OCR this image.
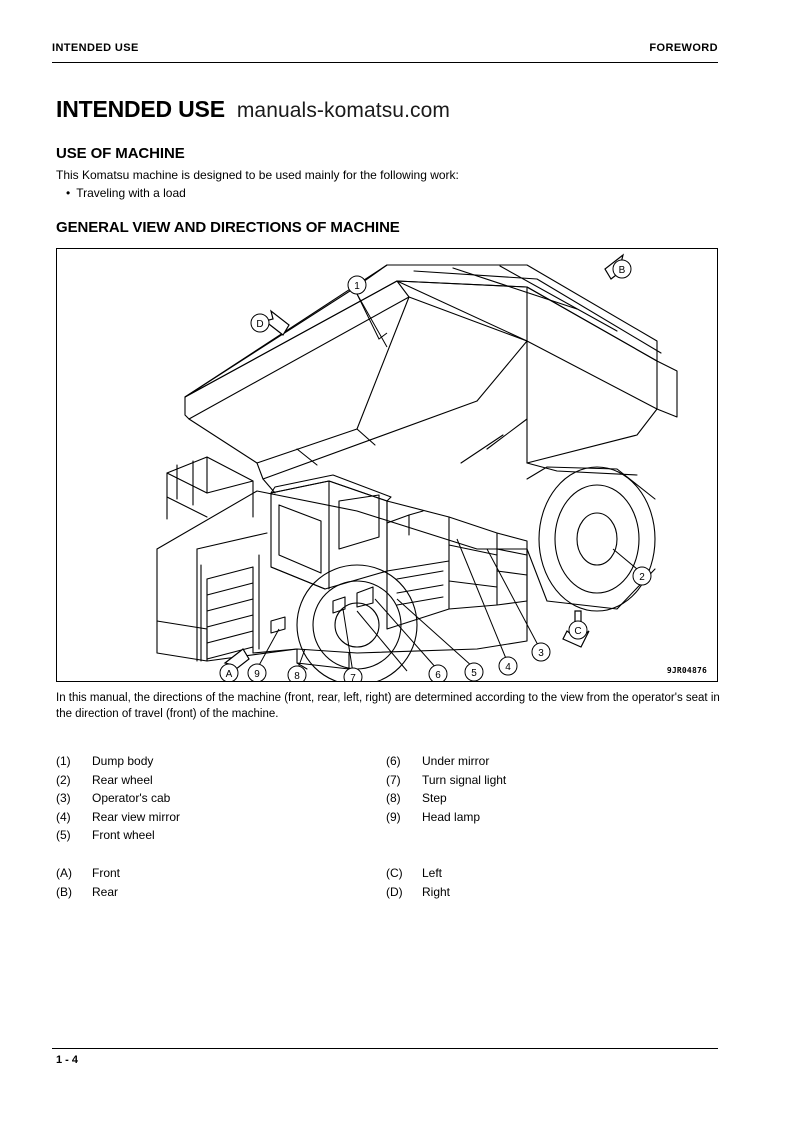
INTENDED USE	FOREWORD
INTENDED USE manuals-komatsu.com
USE OF MACHINE
This Komatsu machine is designed to be used mainly for the following work:
• Traveling with a load
GENERAL VIEW AND DIRECTIONS OF MACHINE
1
2
3
4
5
6
7
8
9
A
B
C
D
9JR04876
In this manual, the directions of the machine (front, rear, left, right) are determined according to the view from the operator's seat in the direction of travel (front) of the machine.
(1)	Dump body
(2)	Rear wheel
(3)	Operator's cab
(4)	Rear view mirror
(5)	Front wheel
(6)	Under mirror
(7)	Turn signal light
(8)	Step
(9)	Head lamp
(A)	Front
(B)	Rear
(C)	Left
(D)	Right
1 - 4
